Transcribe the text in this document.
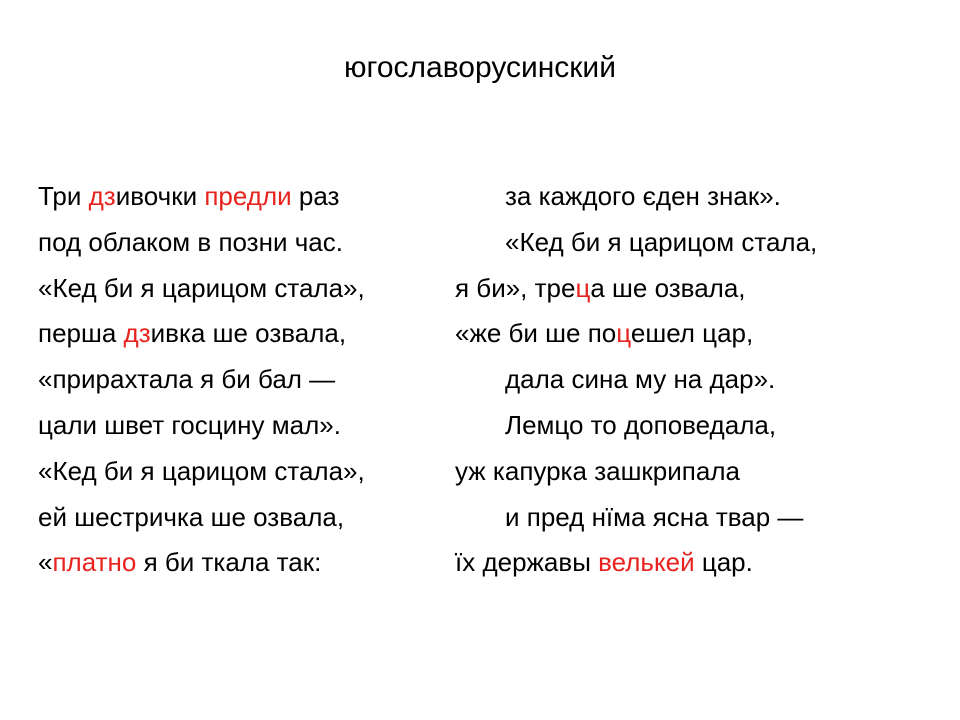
югославорусинский
Три дзивочки предли раз
под облаком в позни час.
«Кед би я царицом стала»,
перша дзивка ше озвала,
«прирахтала я би бал —
цали швет госцину мал».
«Кед би я царицом стала»,
ей шестричка ше озвала,
«платно я би ткала так:
за каждого єден знак».
«Кед би я царицом стала,
я би», треца ше озвала,
«же би ше поцешел цар,
дала сина му на дар».
Лемцо то доповедала,
уж капурка зашкрипала
и пред нїма ясна твар —
їх державы велькей цар.
